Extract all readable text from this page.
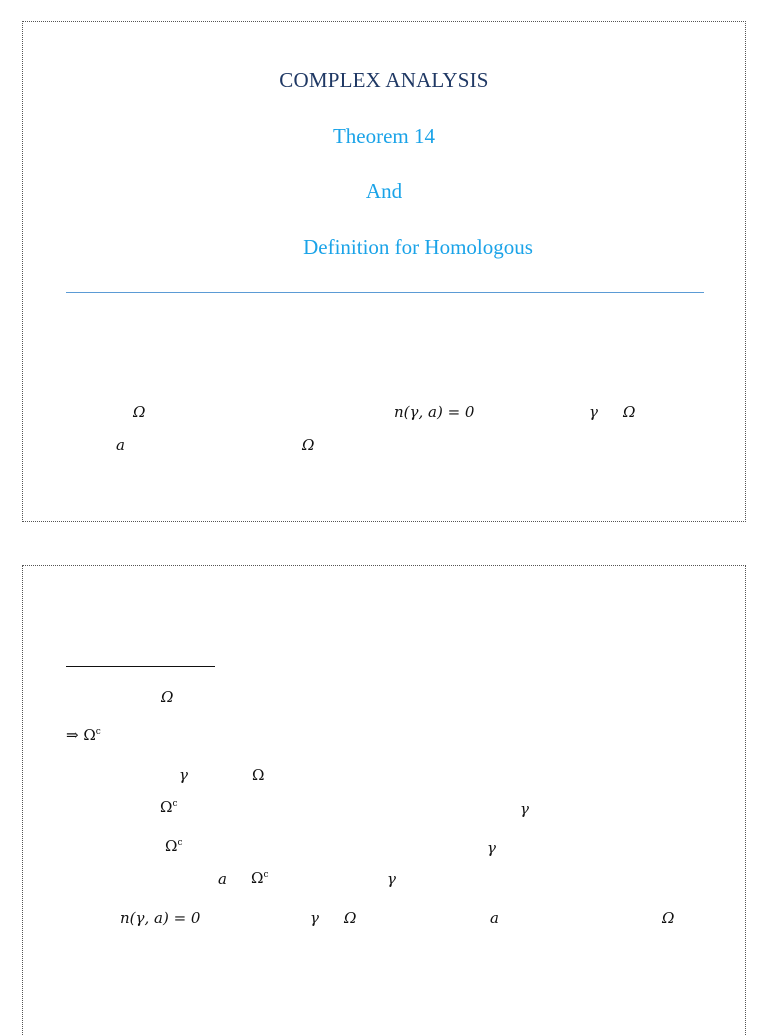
COMPLEX ANALYSIS
Theorem 14
And
Definition for Homologous
Ω	n(γ, a) = 0	γ Ω
a	Ω
Ω
⇒ $\Omega^c$
γ	Ω
$\Omega^c$	γ
$\Omega^c$	γ
a $\Omega^c$	γ
n(γ, a) = 0	γ Ω	a	Ω
